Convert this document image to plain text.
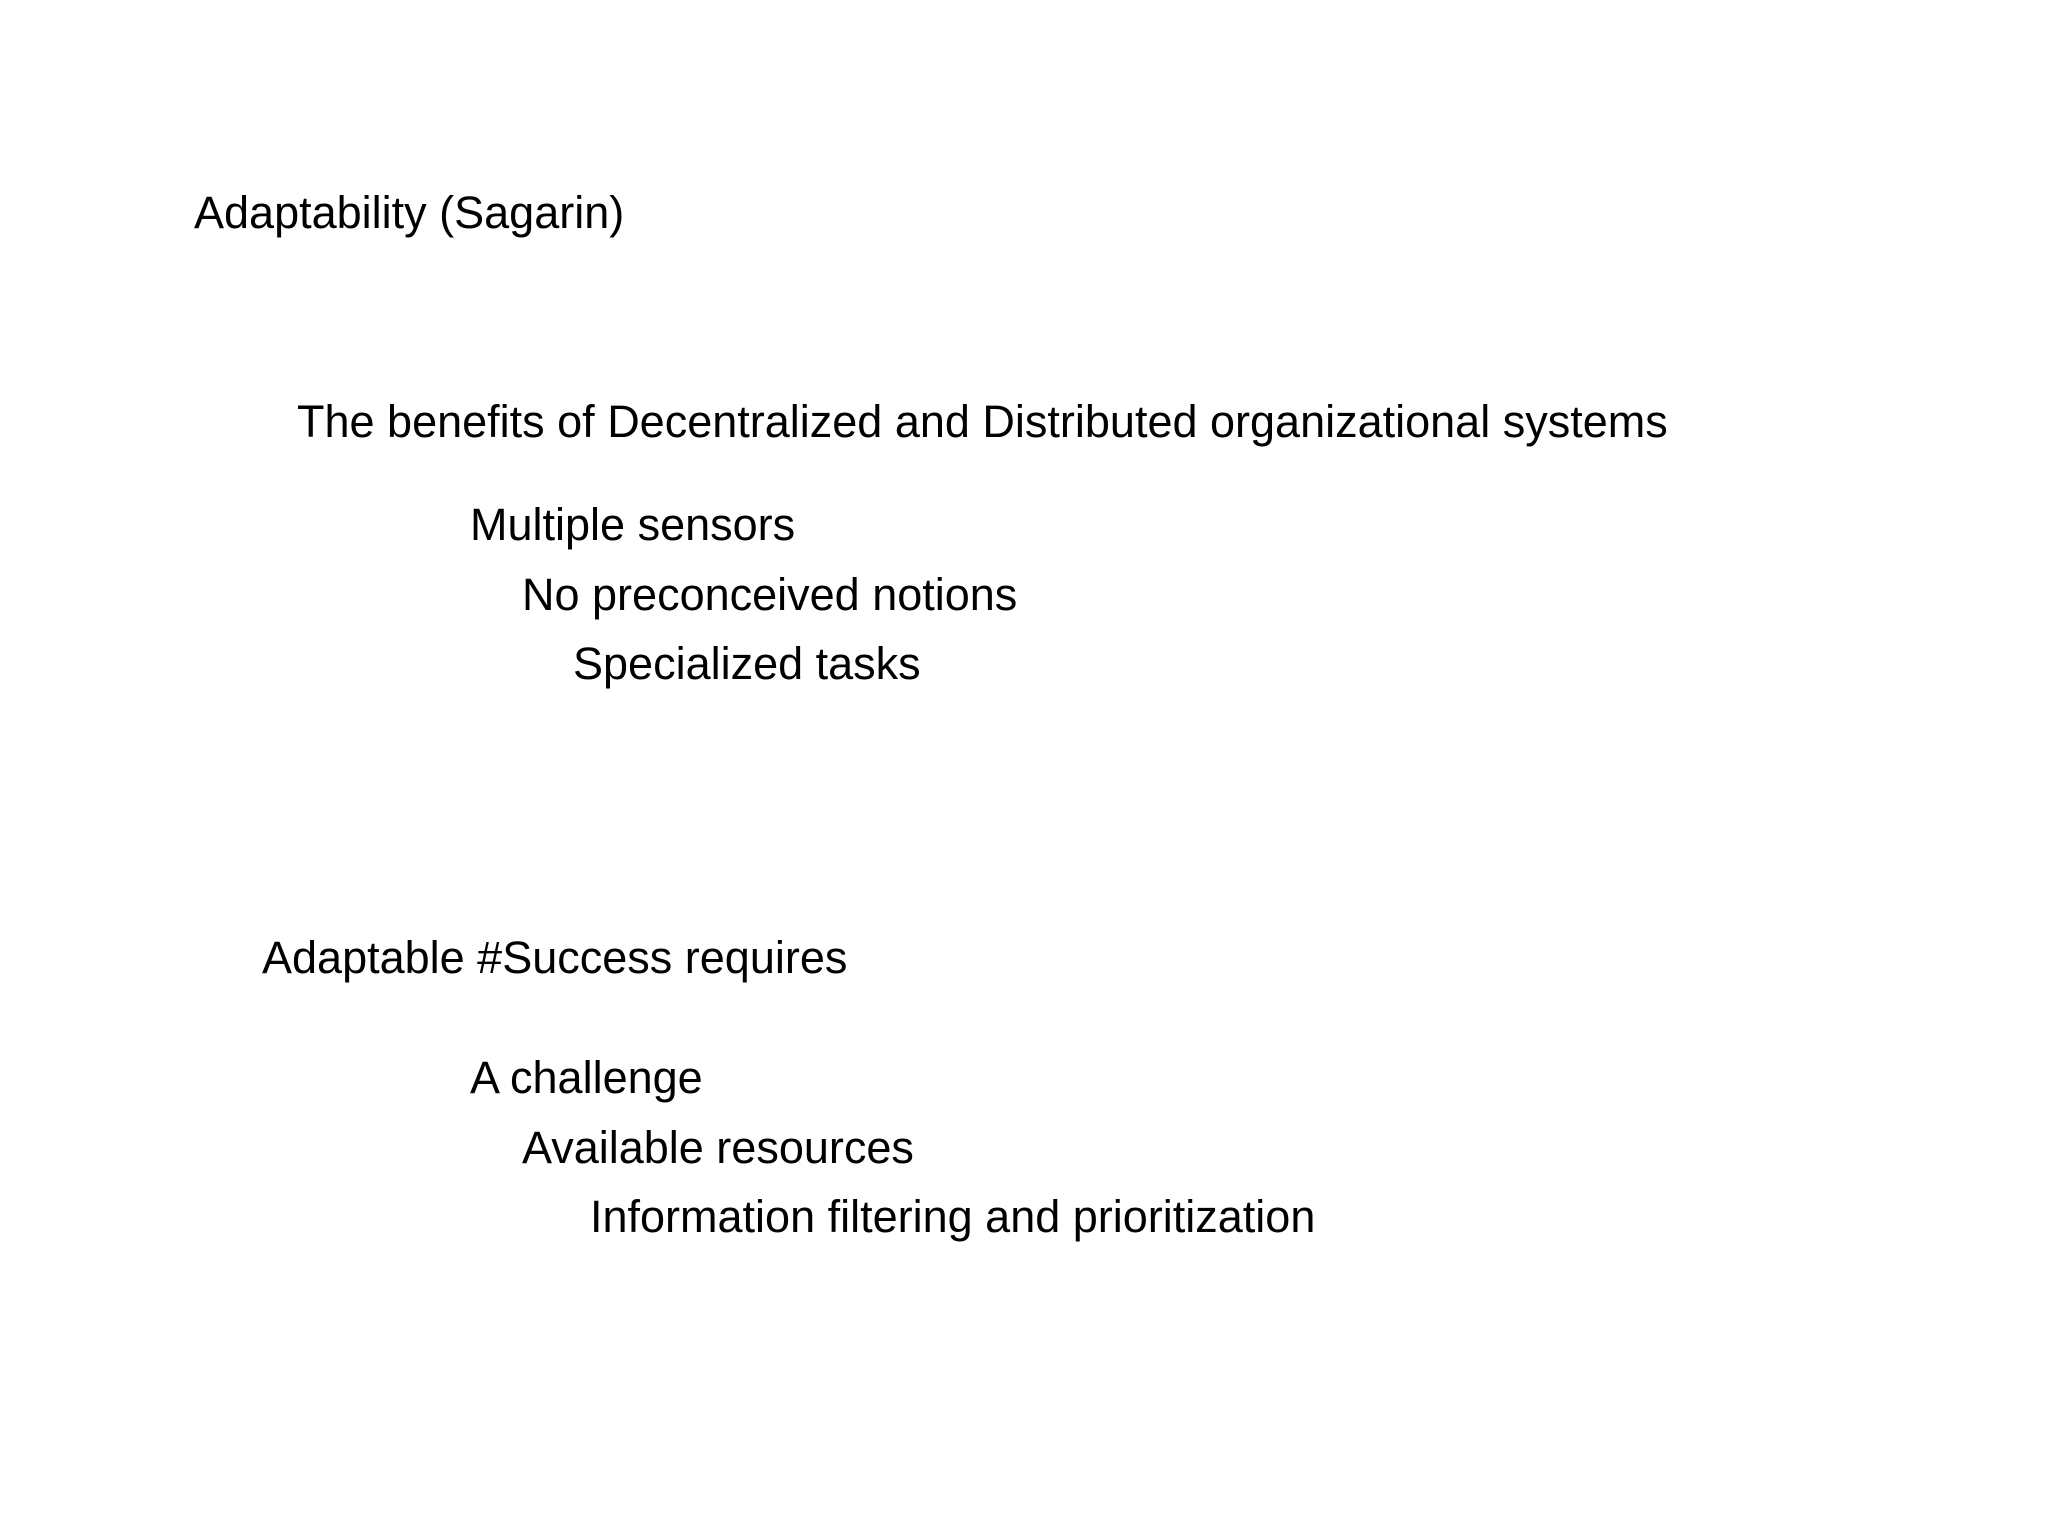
Adaptability (Sagarin)
The benefits of Decentralized and Distributed organizational systems
Multiple sensors
No preconceived notions
Specialized tasks
Adaptable #Success requires
A challenge
Available resources
Information filtering and prioritization
